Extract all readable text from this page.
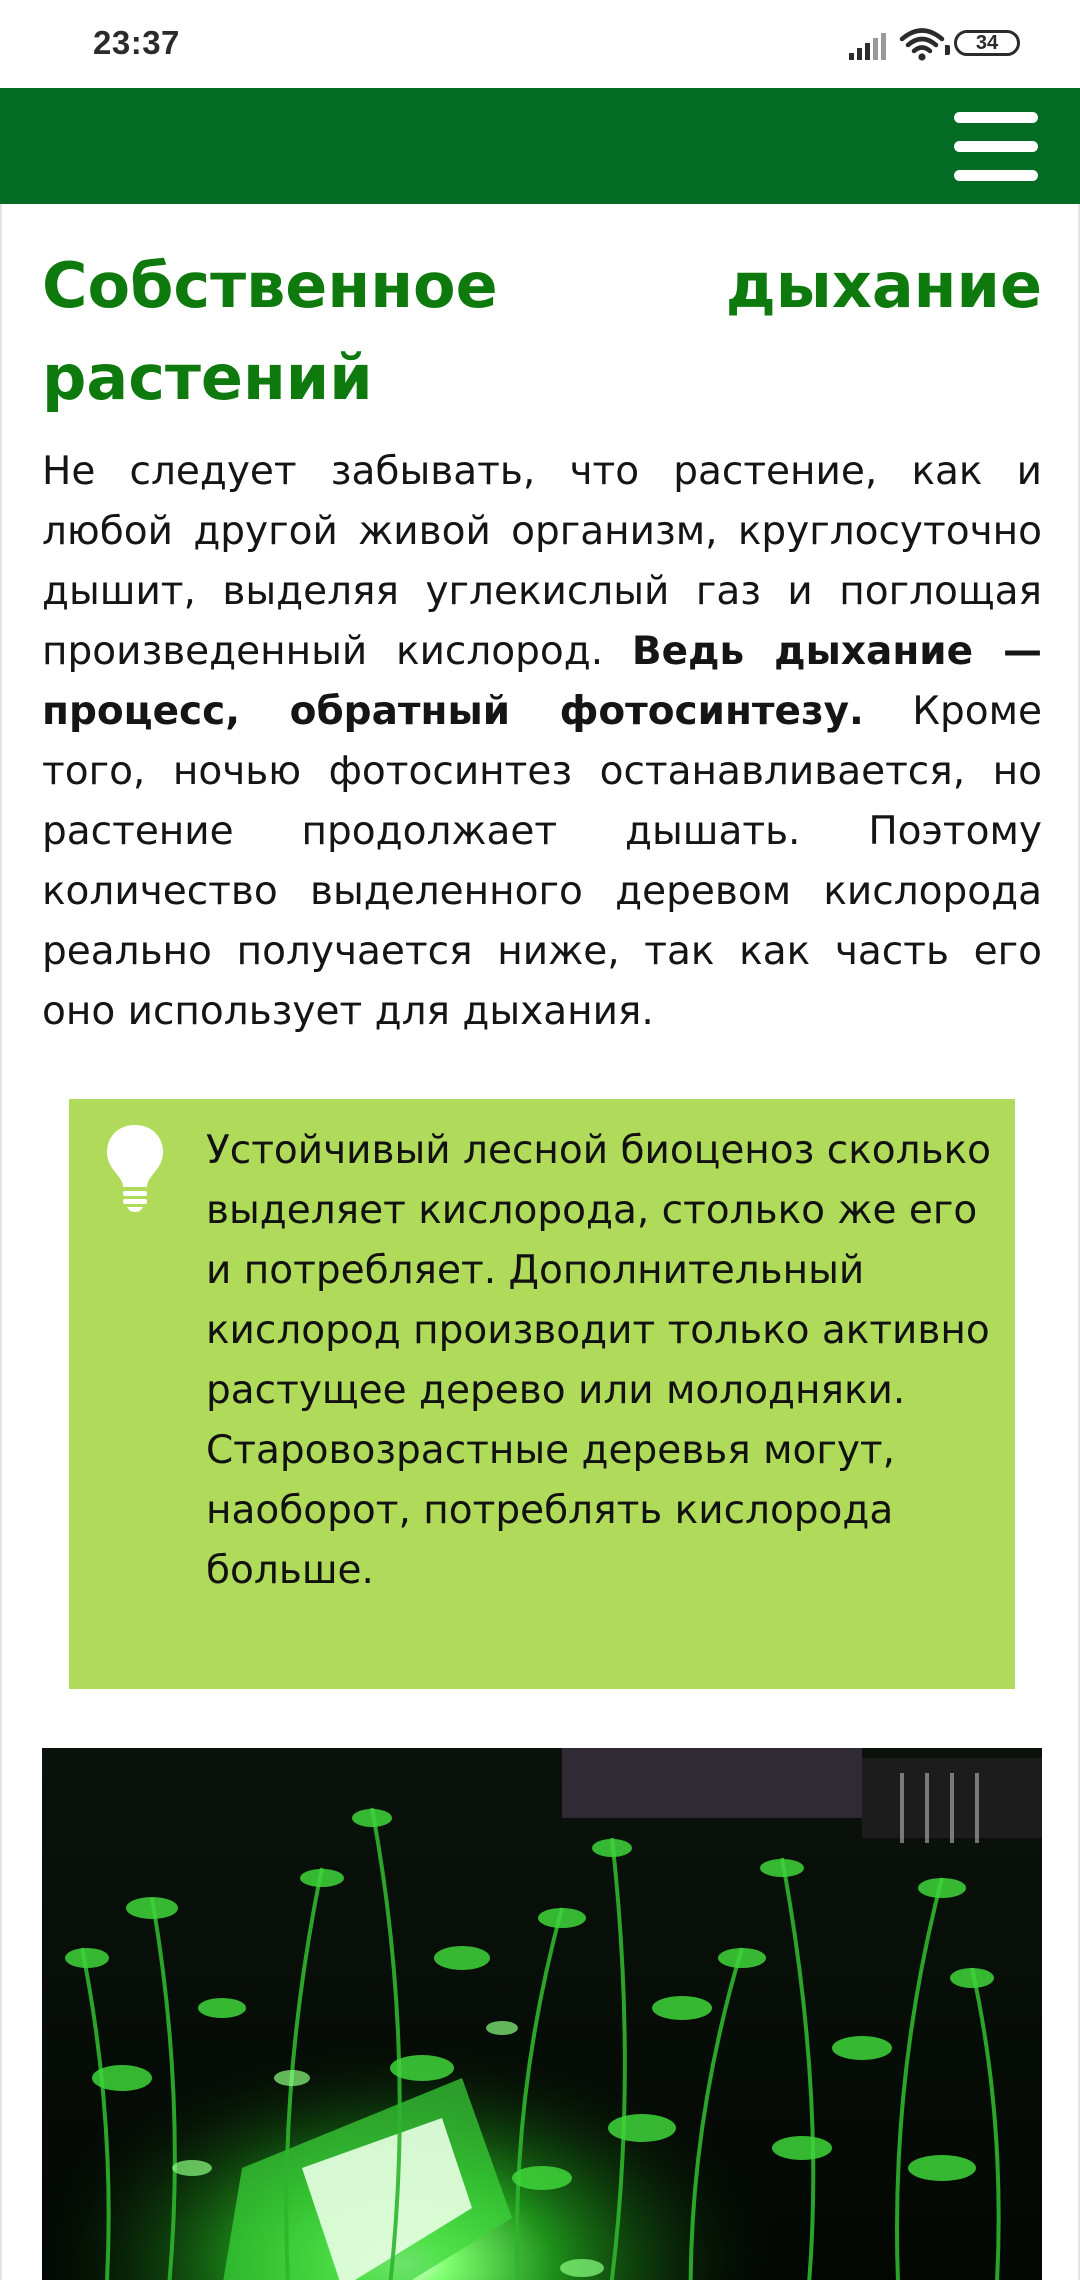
23:37	34
Собственное дыхание растений

Не следует забывать, что растение, как и любой другой живой организм, круглосуточно дышит, выделяя углекислый газ и поглощая произведенный кислород. Ведь дыхание — процесс, обратный фотосинтезу. Кроме того, ночью фотосинтез останавливается, но растение продолжает дышать. Поэтому количество выделенного деревом кислорода реально получается ниже, так как часть его оно использует для дыхания.

Устойчивый лесной биоценоз сколько выделяет кислорода, столько же его и потребляет. Дополнительный кислород производит только активно растущее дерево или молодняки. Старовозрастные деревья могут, наоборот, потреблять кислорода больше.
